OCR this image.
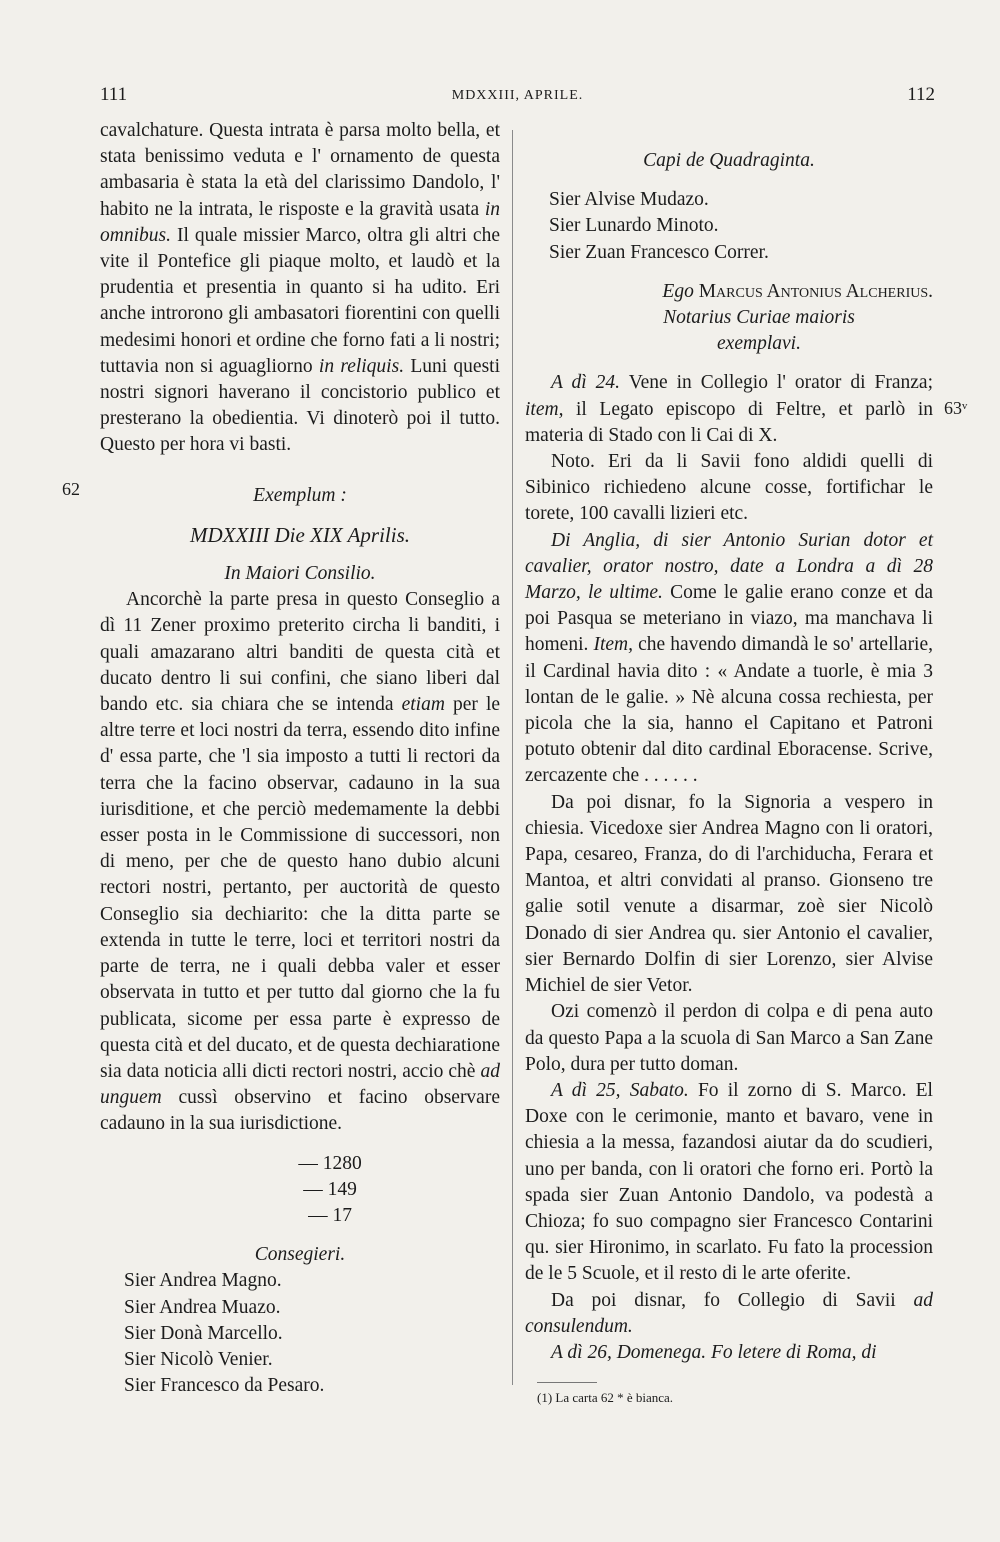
111	MDXXIII, APRILE.	112
62
63ᵛ

cavalchature. Questa intrata è parsa molto bella, et stata benissimo veduta e l' ornamento de questa ambasaria è stata la età del clarissimo Dandolo, l' habito ne la intrata, le risposte e la gravità usata in omnibus. Il quale missier Marco, oltra gli altri che vite il Pontefice gli piaque molto, et laudò et la prudentia et presentia in quanto si ha udito. Eri anche introrono gli ambasatori fiorentini con quelli medesimi honori et ordine che forno fati a li nostri; tuttavia non si aguagliorno in reliquis. Luni questi nostri signori haverano il concistorio publico et presterano la obedientia. Vi dinoterò poi il tutto. Questo per hora vi basti.

Exemplum :

MDXXIII Die XIX Aprilis.

In Maiori Consilio.

Ancorchè la parte presa in questo Conseglio a dì 11 Zener proximo preterito circha li banditi, i quali amazarano altri banditi de questa cità et ducato dentro li sui confini, che siano liberi dal bando etc. sia chiara che se intenda etiam per le altre terre et loci nostri da terra, essendo dito infine d' essa parte, che 'l sia imposto a tutti li rectori da terra che la facino observar, cadauno in la sua iurisditione, et che perciò medemamente la debbi esser posta in le Commissione di successori, non di meno, per che de questo hano dubio alcuni rectori nostri, pertanto, per auctorità de questo Conseglio sia dechiarito: che la ditta parte se extenda in tutte le terre, loci et territori nostri da parte de terra, ne i quali debba valer et esser observata in tutto et per tutto dal giorno che la fu publicata, sicome per essa parte è expresso de questa cità et del ducato, et de questa dechiaratione sia data noticia alli dicti rectori nostri, accio chè ad unguem cussì observino et facino observare cadauno in la sua iurisdictione.

— 1280
— 149
— 17

Consegieri.

Sier Andrea Magno.

Sier Andrea Muazo.

Sier Donà Marcello.

Sier Nicolò Venier.

Sier Francesco da Pesaro.

Capi de Quadraginta.

Sier Alvise Mudazo.

Sier Lunardo Minoto.

Sier Zuan Francesco Correr.

Ego Marcus Antonius Alcherius.

Notarius Curiae maioris

exemplavi.

A dì 24. Vene in Collegio l' orator di Franza; item, il Legato episcopo di Feltre, et parlò in materia di Stado con li Cai di X.

Noto. Eri da li Savii fono aldidi quelli di Sibinico richiedeno alcune cosse, fortifichar le torete, 100 cavalli lizieri etc.

Di Anglia, di sier Antonio Surian dotor et cavalier, orator nostro, date a Londra a dì 28 Marzo, le ultime. Come le galie erano conze et da poi Pasqua se meteriano in viazo, ma manchava li homeni. Item, che havendo dimandà le so' artellarie, il Cardinal havia dito : « Andate a tuorle, è mia 3 lontan de le galie. » Nè alcuna cossa rechiesta, per picola che la sia, hanno el Capitano et Patroni potuto obtenir dal dito cardinal Eboracense. Scrive, zercazente che . . . . . .

Da poi disnar, fo la Signoria a vespero in chiesia. Vicedoxe sier Andrea Magno con li oratori, Papa, cesareo, Franza, do di l'archiducha, Ferara et Mantoa, et altri convidati al pranso. Gionseno tre galie sotil venute a disarmar, zoè sier Nicolò Donado di sier Andrea qu. sier Antonio el cavalier, sier Bernardo Dolfin di sier Lorenzo, sier Alvise Michiel de sier Vetor.

Ozi comenzò il perdon di colpa e di pena auto da questo Papa a la scuola di San Marco a San Zane Polo, dura per tutto doman.

A dì 25, Sabato. Fo il zorno di S. Marco. El Doxe con le cerimonie, manto et bavaro, vene in chiesia a la messa, fazandosi aiutar da do scudieri, uno per banda, con li oratori che forno eri. Portò la spada sier Zuan Antonio Dandolo, va podestà a Chioza; fo suo compagno sier Francesco Contarini qu. sier Hironimo, in scarlato. Fu fato la procession de le 5 Scuole, et il resto di le arte oferite.

Da poi disnar, fo Collegio di Savii ad consulendum.

A dì 26, Domenega. Fo letere di Roma, di

(1) La carta 62 * è bianca.
